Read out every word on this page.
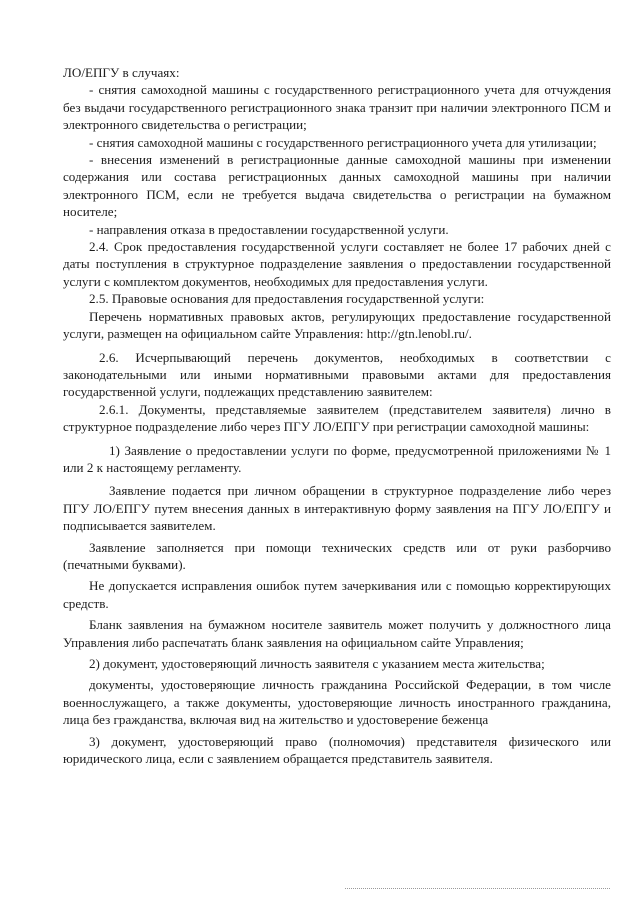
ЛО/ЕПГУ в случаях:

- снятия самоходной машины с государственного регистрационного учета для отчуждения без выдачи государственного регистрационного знака транзит при наличии электронного ПСМ и электронного свидетельства о регистрации;

- снятия самоходной машины с государственного регистрационного учета для утилизации;

- внесения изменений в регистрационные данные самоходной машины при изменении содержания или состава регистрационных данных самоходной машины при наличии электронного ПСМ, если не требуется выдача свидетельства о регистрации на бумажном носителе;

- направления отказа в предоставлении государственной услуги.

2.4. Срок предоставления государственной услуги составляет не более 17 рабочих дней с даты поступления в структурное подразделение заявления о предоставлении государственной услуги с комплектом документов, необходимых для предоставления услуги.

2.5. Правовые основания для предоставления государственной услуги:

Перечень нормативных правовых актов, регулирующих предоставление государственной услуги, размещен на официальном сайте Управления: http://gtn.lenobl.ru/.

2.6. Исчерпывающий перечень документов, необходимых в соответствии с законодательными или иными нормативными правовыми актами для предоставления государственной услуги, подлежащих представлению заявителем:

2.6.1. Документы, представляемые заявителем (представителем заявителя) лично в структурное подразделение либо через ПГУ ЛО/ЕПГУ при регистрации самоходной машины:

1) Заявление о предоставлении услуги по форме, предусмотренной приложениями № 1 или 2 к настоящему регламенту.

Заявление подается при личном обращении в структурное подразделение либо через ПГУ ЛО/ЕПГУ путем внесения данных в интерактивную форму заявления на ПГУ ЛО/ЕПГУ и подписывается заявителем.

Заявление заполняется при помощи технических средств или от руки разборчиво (печатными буквами).

Не допускается исправления ошибок путем зачеркивания или с помощью корректирующих средств.

Бланк заявления на бумажном носителе заявитель может получить у должностного лица Управления либо распечатать бланк заявления на официальном сайте Управления;

2) документ, удостоверяющий личность заявителя с указанием места жительства;

документы, удостоверяющие личность гражданина Российской Федерации, в том числе военнослужащего, а также документы, удостоверяющие личность иностранного гражданина, лица без гражданства, включая вид на жительство и удостоверение беженца

3) документ, удостоверяющий право (полномочия) представителя физического или юридического лица, если с заявлением обращается представитель заявителя.
